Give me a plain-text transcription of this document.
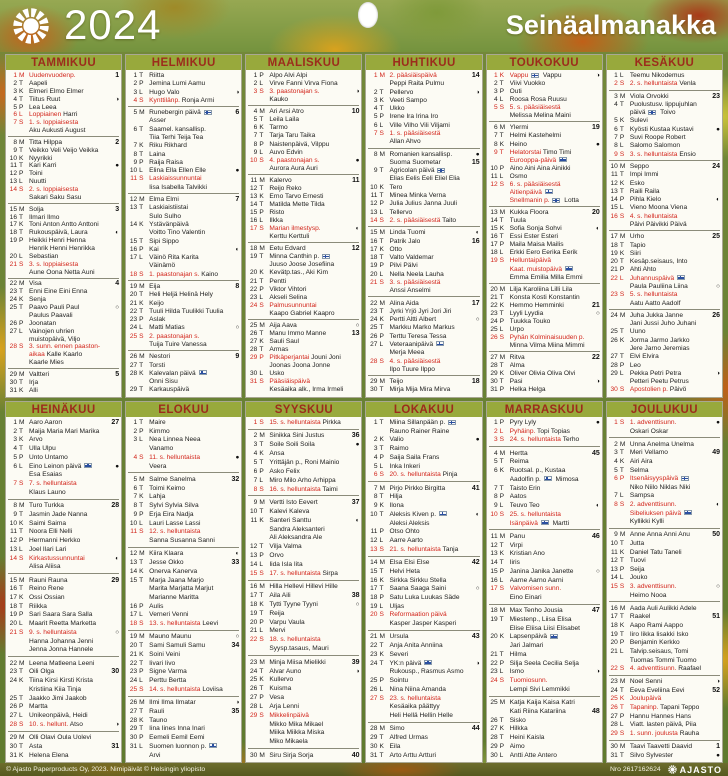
2024	Seinäalmanakka
TAMMIKUU
1 M Uudenvuodenp.	1
2 T Aapeli
3 K Elmeri Elmo Elmer
4 T Tiitus Ruut	◑
5 P Lea Leea
6 L Loppiainen Harri
7 S 1. s. loppiaisesta
Aku Aukusti August
8 M Titta Hilppa	2
9 T Veikko Veli Veijo Veikka
10 K Nyyrikki
11 T Kari Karri	●
12 P Toini
13 L Nuutti
14 S 2. s. loppiaisesta
Sakari Saku Sasu
15 M Solja	3
16 T Ilmari Ilmo
17 K Toni Anton Antto Anttoni
18 T Rukouspäivä, Laura	◐
19 P Heikki Henri Henna
Henrik Henni Henrikka
20 L Sebastian
21 S 3. s. loppiaisesta
Aune Oona Netta Auni
22 M Visa	4
23 T Enni Eine Eini Enna
24 K Senja
25 T Paavo Pauli Paul	○
Paulus Paavali
26 P Joonatan
27 L Vainojen uhrien
muistopäivä, Viljo
28 S 3. sunn. ennen paaston-
aikaa Kalle Kaarlo
Kaarle Mies
29 M Valtteri	5
30 T Irja
31 K Alli
HELMIKUU
1 T Riitta
2 P Jemina Lumi Aamu
3 L Hugo Valo	◑
4 S Kynttilänp. Ronja Armi
5 M Runebergin päivä	6
Asser
6 T Saamel. kansallisp.
Tiia Terhi Teija Tea
7 K Riku Rikhard
8 T Laina
9 P Raija Raisa
10 L Elina Ella Ellen Elle	●
11 S Laskiaissunnuntai
Iisa Isabella Talvikki
12 M Elma Elmi	7
13 T Laskiaistiistai
Sulo Sulho
14 K Ystävänpäivä
Voitto Tino Valentin
15 T Sipi Sippo
16 P Kai	◐
17 L Väinö Rita Karita
Väinämö
18 S 1. paastonajan s. Kaino
19 M Eija	8
20 T Heli Heljä Helinä Hely
21 K Keijo
22 T Tuuli Hilda Tuulikki Tuulia
23 P Aslak
24 L Matti Matias	○
25 S 2. paastonajan s.
Tuija Tuire Vanessa
26 M Nestori	9
27 T Torsti
28 K Kalevalan päivä
Onni Sisu
29 T Karkauspäivä
MAALISKUU
1 P Alpo Alvi Alpi
2 L Virve Fanni Virva Fiona
3 S 3. paastonajan s.	◑
Kauko
4 M Ari Arsi Atro	10
5 T Leila Laila
6 K Tarmo
7 T Tarja Taru Taika
8 P Naistenpäivä, Vilppu
9 L Auvo Edvin
10 S 4. paastonajan s.	●
Aurora Aura Auri
11 M Kalervo	11
12 T Reijo Reko
13 K Erno Tarvo Ernesti
14 T Matilda Mette Tilda
15 P Risto
16 L Ilkka
17 S Marian ilmestysp.	◐
Kerttu Kerttuli
18 M Eetu Edvard	12
19 T Minna Canthin p.
Juuso Joose Josefiina
20 K Kevätp.tas., Aki Kim
21 T Pentti
22 P Viktor Vihtori
23 L Akseli Selina
24 S Palmusunnuntai
Kaapo Gabriel Kaapro
25 M Aija Aava	○
26 T Manu Immo Manne	13
27 K Sauli Saul
28 T Armas
29 P Pitkäperjantai Jouni Joni
Joonas Joona Jonne
30 L Usko
31 S Pääsiäispäivä
Kesäaika alk., Irma Irmeli
HUHTIKUU
1 M 2. pääsiäispäivä	14
Peppi Raita Pulmu
2 T Pellervo	◑
3 K Veeti Sampo
4 T Ukko
5 P Irene Ira Irina Iro
6 L Ville Vilho Vili Viljami
7 S 1. s. pääsiäisestä
Allan Ahvo
8 M Romanien kansallisp.	●
Suoma Suometar	15
9 T Agricolan päivä
Elias Eelis Eeli Eliel Elia
10 K Tero
11 T Minea Minka Verna
12 P Julia Julius Janna Juuli
13 L Tellervo
14 S 2. s. pääsiäisestä Taito
15 M Linda Tuomi	◐
16 T Patrik Jalo	16
17 K Otto
18 T Valto Valdemar
19 P Pilvi Pälvi
20 L Nella Neela Lauha
21 S 3. s. pääsiäisestä
Anssi Anselmi
22 M Alina Aida	17
23 T Jyrki Yrjö Jyri Jori Jiri
24 K Pertti Altti Albert	○
25 T Markku Marko Markus
26 P Terttu Teresa Tessa
27 L Veteraanipäivä
Merja Meea
28 S 4. s. pääsiäisestä
Ilpo Tuure Ilppo
29 M Teijo	18
30 T Mirja Mija Mira Mirva
TOUKOKUU
1 K Vappu  Vappu	◑
2 T Viivi Vuokko
3 P Outi
4 L Roosa Rosa Ruusu
5 S 5. s. pääsiäisestä
Melissa Melina Maini
6 M Ylermi	19
7 T Helmi Kastehelmi
8 K Heino	●
9 T Helatorstai Timo Timi
Eurooppa-päivä
10 P Aino Aini Aina Ainikki
11 L Osmo
12 S 6. s. pääsiäisestä
Äitienpäivä
Snellmanin p.  Lotta
13 M Kukka Floora	20
14 T Tuula
15 K Sofia Sonja Sohvi	◐
16 T Essi Ester Esteri
17 P Maila Maisa Mailis
18 L Erkki Eero Eerika Eerik
19 S Helluntaipäivä
Kaat. muistopäivä
Emma Emilia Milla Emmi
20 M Lilja Karoliina Lilli Lila
21 T Konsta Kosti Konstantin
22 K Hemmo Hemminki	21
23 T Lyyli Lyydia	○
24 P Tuukka Touko
25 L Urpo
26 S Pyhän Kolminaisuuden p.
Minna Vilma Miina Mimmi
27 M Ritva	22
28 T Alma
29 K Oliver Olivia Oliva Olvi
30 T Pasi	◑
31 P Helka Helga
KESÄKUU
1 L Teemu Nikodemus
2 S 2. s. helluntaista Venla
3 M Viola Orvokki	23
4 T Puolustusv. lippujuhlan
päivä  Toivo
5 K Sulevi
6 T Kyösti Kustaa Kustavi	●
7 P Suvi Roope Robert
8 L Salomo Salomon
9 S 3. s. helluntaista Ensio
10 M Seppo	24
11 T Impi Immi
12 K Esko
13 T Raili Raila
14 P Pihla Kielo	◐
15 L Vieno Moona Viena
16 S 4. s. helluntaista
Päivi Päivikki Päivä
17 M Urho	25
18 T Tapio
19 K Siiri
20 T Kesäp.seisaus, Into
21 P Ahti Ahto
22 L Juhannuspäivä
Paula Pauliina Liina	○
23 S 5. s. helluntaista
Aatu Aatto Aadolf
24 M Juha Jukka Janne	26
Jani Jussi Juho Juhani
25 T Uuno
26 K Jorma Jarmo Jarkko
Jere Jarno Jeremias
27 T Elvi Elvira
28 P Leo
29 L Pekka Petri Petra	◑
Petteri Peetu Petrus
30 S Apostolien p. Päivö
HEINÄKUU
1 M Aaro Aaron	27
2 T Maija Maria Mari Marika
3 K Arvo
4 T Ulla Ulpu
5 P Unto Untamo
6 L Eino Leinon päivä	●
Esa Esaias
7 S 7. s. helluntaista
Klaus Launo
8 M Turo Turkka	28
9 T Jasmin Jade Nanna
10 K Saimi Saima
11 T Noora Elli Nelli
12 P Hermanni Herkko
13 L Joel Ilari Lari
14 S Kirkastussunnuntai	◐
Alisa Aliisa
15 M Rauni Rauna	29
16 T Reino Rene
17 K Ossi Ossian
18 T Riikka
19 P Sari Saara Sara Salla
20 L Maarit Reetta Marketta
21 S 9. s. helluntaista	○
Hanna Johanna Jenni
Jenna Jonna Hannele
22 M Leena Matleena Leeni
23 T Oili Olga	30
24 K Tiina Kirsi Kirsti Krista
Kristiina Kiia Tinja
25 T Jaakko Jimi Jaakob
26 P Martta
27 L Unikeonpäivä, Heidi
28 S 10. s. hellunt. Atso	◑
29 M Olli Olavi Oula Uolevi
30 T Asta	31
31 K Helena Elena
ELOKUU
1 T Maire
2 P Kimmo
3 L Nea Linnea Neea
Vanamo
4 S 11. s. helluntaista	●
Veera
5 M Salme Sanelma	32
6 T Toimi Keimo
7 K Lahja
8 T Sylvi Sylvia Silva
9 P Erja Eira Nadja
10 L Lauri Lasse Lassi
11 S 12. s. helluntaista
Sanna Susanna Sanni
12 M Kiira Klaara	◐
13 T Jesse Okko	33
14 K Onerva Kanerva
15 T Marja Jaana Marjo
Marita Marjatta Marjut
Marianne Maritta
16 P Aulis
17 L Verneri Venni
18 S 13. s. helluntaista Leevi
19 M Mauno Maunu	○
20 T Sami Samuli Samu	34
21 K Soini Veini
22 T Iivari Iivo
23 P Signe Varma
24 L Perttu Bertta
25 S 14. s. helluntaista Loviisa
26 M Ilmi Ilma Ilmatar	◑
27 T Rauli	35
28 K Tauno
29 T Iina Iines Inna Inari
30 P Eemeli Eemil Eemi
31 L Suomen luonnon p.
Arvi
SYYSKUU
1 S 15. s. helluntaista Pirkka
2 M Sinikka Sini Justus	36
3 T Soile Soili Soila	●
4 K Ansa
5 T Yrittäjän p., Roni Mainio
6 P Asko Felix
7 L Miro Milo Arho Arhippa
8 S 16. s. helluntaista Taimi
9 M Vertti Isto Eevert	37
10 T Kalevi Kaleva
11 K Santeri Santtu	◐
Sandra Aleksanteri
Ali Aleksandra Ale
12 T Vilja Valma
13 P Orvo
14 L Iida Isla Iita
15 S 17. s. helluntaista Sirpa
16 M Hilla Hellevi Hillevi Hille
17 T Aila Aili	38
18 K Tytti Tyyne Tyyni	○
19 T Reija
20 P Varpu Vaula
21 L Mervi
22 S 18. s. helluntaista
Syysp.tasaus, Mauri
23 M Minja Miisa Mielikki	39
24 T Alvar Auno	◑
25 K Kullervo
26 T Kuisma
27 P Vesa
28 L Arja Lenni
29 S Mikkelinpäivä
Mikko Mika Mikael
Miika Miikka Miska
Miko Mikaela
30 M Siru Sirja Sorja	40
LOKAKUU
1 T Miina Sillanpään p.
Rauno Rainer Raine
2 K Valio	●
3 T Raimo
4 P Saija Saila Frans
5 L Inka Inkeri
6 S 20. s. helluntaista Pinja
7 M Pirjo Pirkko Birgitta	41
8 T Hilja
9 K Ilona
10 T Aleksis Kiven p.	◐
Aleksi Aleksis
11 P Otso Ohto
12 L Aarre Aarto
13 S 21. s. helluntaista Tanja
14 M Elsa Elsi Else	42
15 T Helvi Heta
16 K Sirkka Sirkku Stella
17 T Saana Saaga Saini	○
18 P Satu Luka Luukas Säde
19 L Uljas
20 S Reformaation päivä
Kasper Jasper Kasperi
21 M Ursula	43
22 T Anja Anita Anniina
23 K Severi
24 T YK:n päivä	◑
Rukousp., Rasmus Asmo
25 P Sointu
26 L Nina Niina Amanda
27 S 23. s. helluntaista
Kesäaika päättyy
Heli Hellä Hellin Helle
28 M Simo	44
29 T Alfred Urmas
30 K Eila
31 T Arto Arttu Artturi
MARRASKUU
1 P Pyry Lyly	●
2 L Pyhäinp. Topi Topias
3 S 24. s. helluntaista Terho
4 M Hertta	45
5 T Reima
6 K Ruotsal. p., Kustaa
Aadolfin p.  Mimosa
7 T Taisto Erin
8 P Aatos
9 L Teuvo Teo	◐
10 S 25. s. helluntaista
Isänpäivä  Martti
11 M Panu	46
12 T Virpi
13 K Kristian Ano
14 T Iiris
15 P Janina Janika Janette	○
16 L Aarne Aarno Aarni
17 S Valvomisen sunn.
Eino Einari
18 M Max Tenho Jousia	47
19 T Miestenp., Liisa Elisa
Elise Eliisa Liisi Elisabet
20 K Lapsenpäivä
Jari Jalmari
21 T Hilma
22 P Silja Seela Cecilia Selja
23 L Ismo	◑
24 S Tuomiosunn.
Lempi Sivi Lemmikki
25 M Katja Kaija Kaisa Katri
Kati Riina Katariina	48
26 T Sisko
27 K Hilkka
28 T Heini Kaisla
29 P Aimo
30 L Antti Atte Antero
JOULUKUU
1 S 1. adventtisunn.	●
Oskari Oskar
2 M Unna Anelma Unelma
3 T Meri Vellamo	49
4 K Airi Aira
5 T Selma
6 P Itsenäisyyspäivä
Niko Niilo Niklas Niki
7 L Sampsa
8 S 2. adventtisunn.	◐
Sibeliuksen päivä
Kyllikki Kylli
9 M Anne Anna Anni Anu	50
10 T Jutta
11 K Daniel Tatu Taneli
12 T Tuovi
13 P Seija
14 L Jouko
15 S 3. adventtisunn.	○
Heimo Nooa
16 M Aada Auli Aulikki Adele
17 T Raakel	51
18 K Aapo Rami Aappo
19 T Iiro Iikka Iisakki Isko
20 P Benjamin Kerkko
21 L Talvip.seisaus, Tomi
Tuomas Tommi Tuomo
22 S 4. adventtisunn. Raafael
23 M Noel Senni	◑
24 T Eeva Eveliina Eevi	52
25 K Joulupäivä
26 T Tapaninp. Tapani Teppo
27 P Hannu Hannes Hans
28 L Viatt. lasten päivä, Piia
29 S 1. sunn. joulusta Rauha
30 M Taavi Taavetti Daavid	1
31 T Silvo Sylvester	●
© Ajasto Paperproducts Oy, 2023. Nimipäivät © Helsingin yliopisto	Nro 2617162624 AJASTO
